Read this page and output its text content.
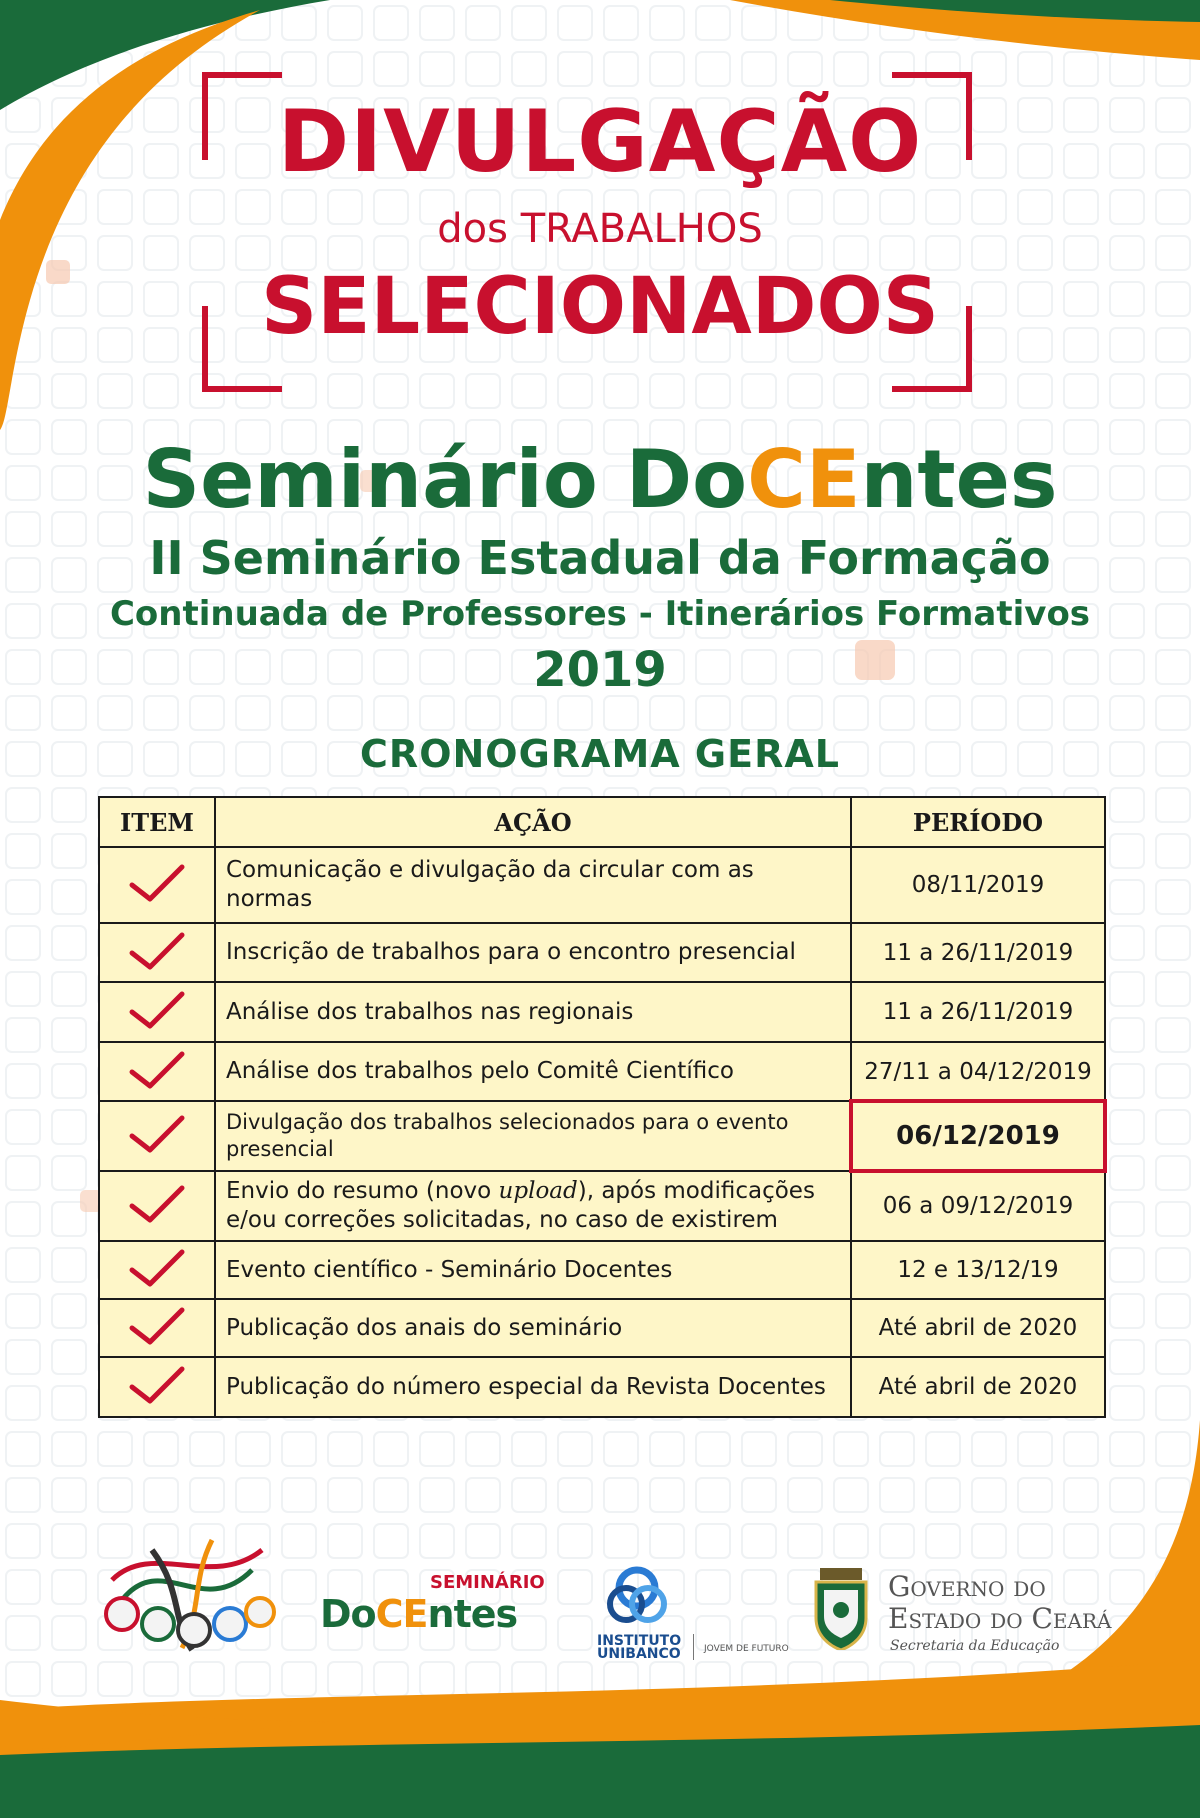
DIVULGAÇÃO
dos TRABALHOS
SELECIONADOS
Seminário DoCEntes
II Seminário Estadual da Formação
Continuada de Professores - Itinerários Formativos
2019
CRONOGRAMA GERAL
ITEM	AÇÃO	PERÍODO
	Comunicação e divulgação da circular com as normas	08/11/2019
	Inscrição de trabalhos para o encontro presencial	11 a 26/11/2019
	Análise dos trabalhos nas regionais	11 a 26/11/2019
	Análise dos trabalhos pelo Comitê Científico	27/11 a 04/12/2019
	Divulgação dos trabalhos selecionados para o evento presencial	06/12/2019
	Envio do resumo (novo upload), após modificações e/ou correções solicitadas, no caso de existirem	06 a 09/12/2019
	Evento científico - Seminário Docentes	12 e 13/12/19
	Publicação dos anais do seminário	Até abril de 2020
	Publicação do número especial da Revista Docentes	Até abril de 2020
SEMINÁRIO
DoCEntes
INSTITUTO
UNIBANCO	JOVEM DE FUTURO
Governo do
Estado do Ceará
Secretaria da Educação
